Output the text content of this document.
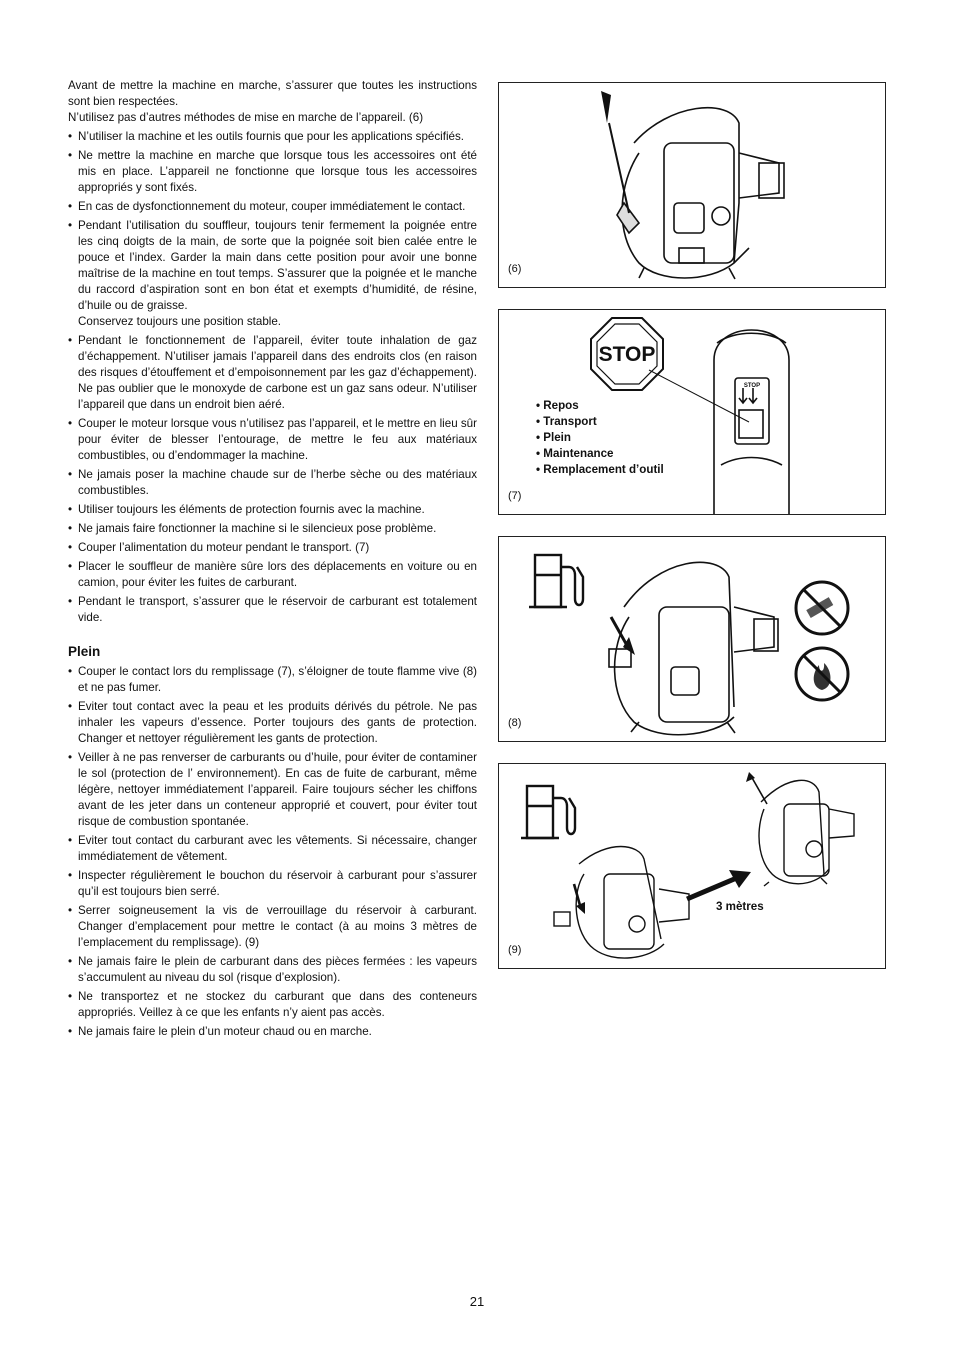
Avant de mettre la machine en marche, s’assurer que toutes les instructions sont bien respectées.

N’utilisez pas d’autres méthodes de mise en marche de l’appareil. (6)

• N’utiliser la machine et les outils fournis que pour les applications spécifiés.
• Ne mettre la machine en marche que lorsque tous les accessoires ont été mis en place. L’appareil ne fonctionne que lorsque tous les accessoires appropriés y sont fixés.
• En cas de dysfonctionnement du moteur, couper immédiatement le contact.
• Pendant l’utilisation du souffleur, toujours tenir fermement la poignée entre les cinq doigts de la main, de sorte que la poignée soit bien calée entre le pouce et l’index. Garder la main dans cette position pour avoir une bonne maîtrise de la machine en tout temps. S’assurer que la poignée et le manche du raccord d’aspiration sont en bon état et exempts d’humidité, de résine, d’huile ou de graisse.
Conservez toujours une position stable.
• Pendant le fonctionnement de l’appareil, éviter toute inhalation de gaz d’échappement. N’utiliser jamais l’appareil dans des endroits clos (en raison des risques d’étouffement et d’empoisonnement par les gaz d’échappement). Ne pas oublier que le monoxyde de carbone est un gaz sans odeur. N’utiliser l’appareil que dans un endroit bien aéré.
• Couper le moteur lorsque vous n’utilisez pas l’appareil, et le mettre en lieu sûr pour éviter de blesser l’entourage, de mettre le feu aux matériaux combustibles, ou d’endommager la machine.
• Ne jamais poser la machine chaude sur de l’herbe sèche ou des matériaux combustibles.
• Utiliser toujours les éléments de protection fournis avec la machine.
• Ne jamais faire fonctionner la machine si le silencieux pose problème.
• Couper l’alimentation du moteur pendant le transport. (7)
• Placer le souffleur de manière sûre lors des déplacements en voiture ou en camion, pour éviter les fuites de carburant.
• Pendant le transport, s’assurer que le réservoir de carburant est totalement vide.
Plein
• Couper le contact lors du remplissage (7), s’éloigner de toute flamme vive (8) et ne pas fumer.
• Eviter tout contact avec la peau et les produits dérivés du pétrole. Ne pas inhaler les vapeurs d’essence. Porter toujours des gants de protection. Changer et nettoyer régulièrement les gants de protection.
• Veiller à ne pas renverser de carburants ou d’huile, pour éviter de contaminer le sol (protection de l’ environnement). En cas de fuite de carburant, même légère, nettoyer immédiatement l’appareil. Faire toujours sécher les chiffons avant de les jeter dans un conteneur approprié et couvert, pour éviter tout risque de combustion spontanée.
• Eviter tout contact du carburant avec les vêtements. Si nécessaire, changer immédiatement de vêtement.
• Inspecter régulièrement le bouchon du réservoir à carburant pour s’assurer qu’il est toujours bien serré.
• Serrer soigneusement la vis de verrouillage du réservoir à carburant. Changer d’emplacement pour mettre le contact (à au moins 3 mètres de l’emplacement du remplissage). (9)
• Ne jamais faire le plein de carburant dans des pièces fermées : les vapeurs s’accumulent au niveau du sol (risque d’explosion).
• Ne transportez et ne stockez du carburant que dans des conteneurs appropriés. Veillez à ce que les enfants n’y aient pas accès.
• Ne jamais faire le plein d’un moteur chaud ou en marche.
(6)
STOP
STOP
• Repos
• Transport
• Plein
• Maintenance
• Remplacement d’outil
(7)
(8)
3 mètres
(9)
21
